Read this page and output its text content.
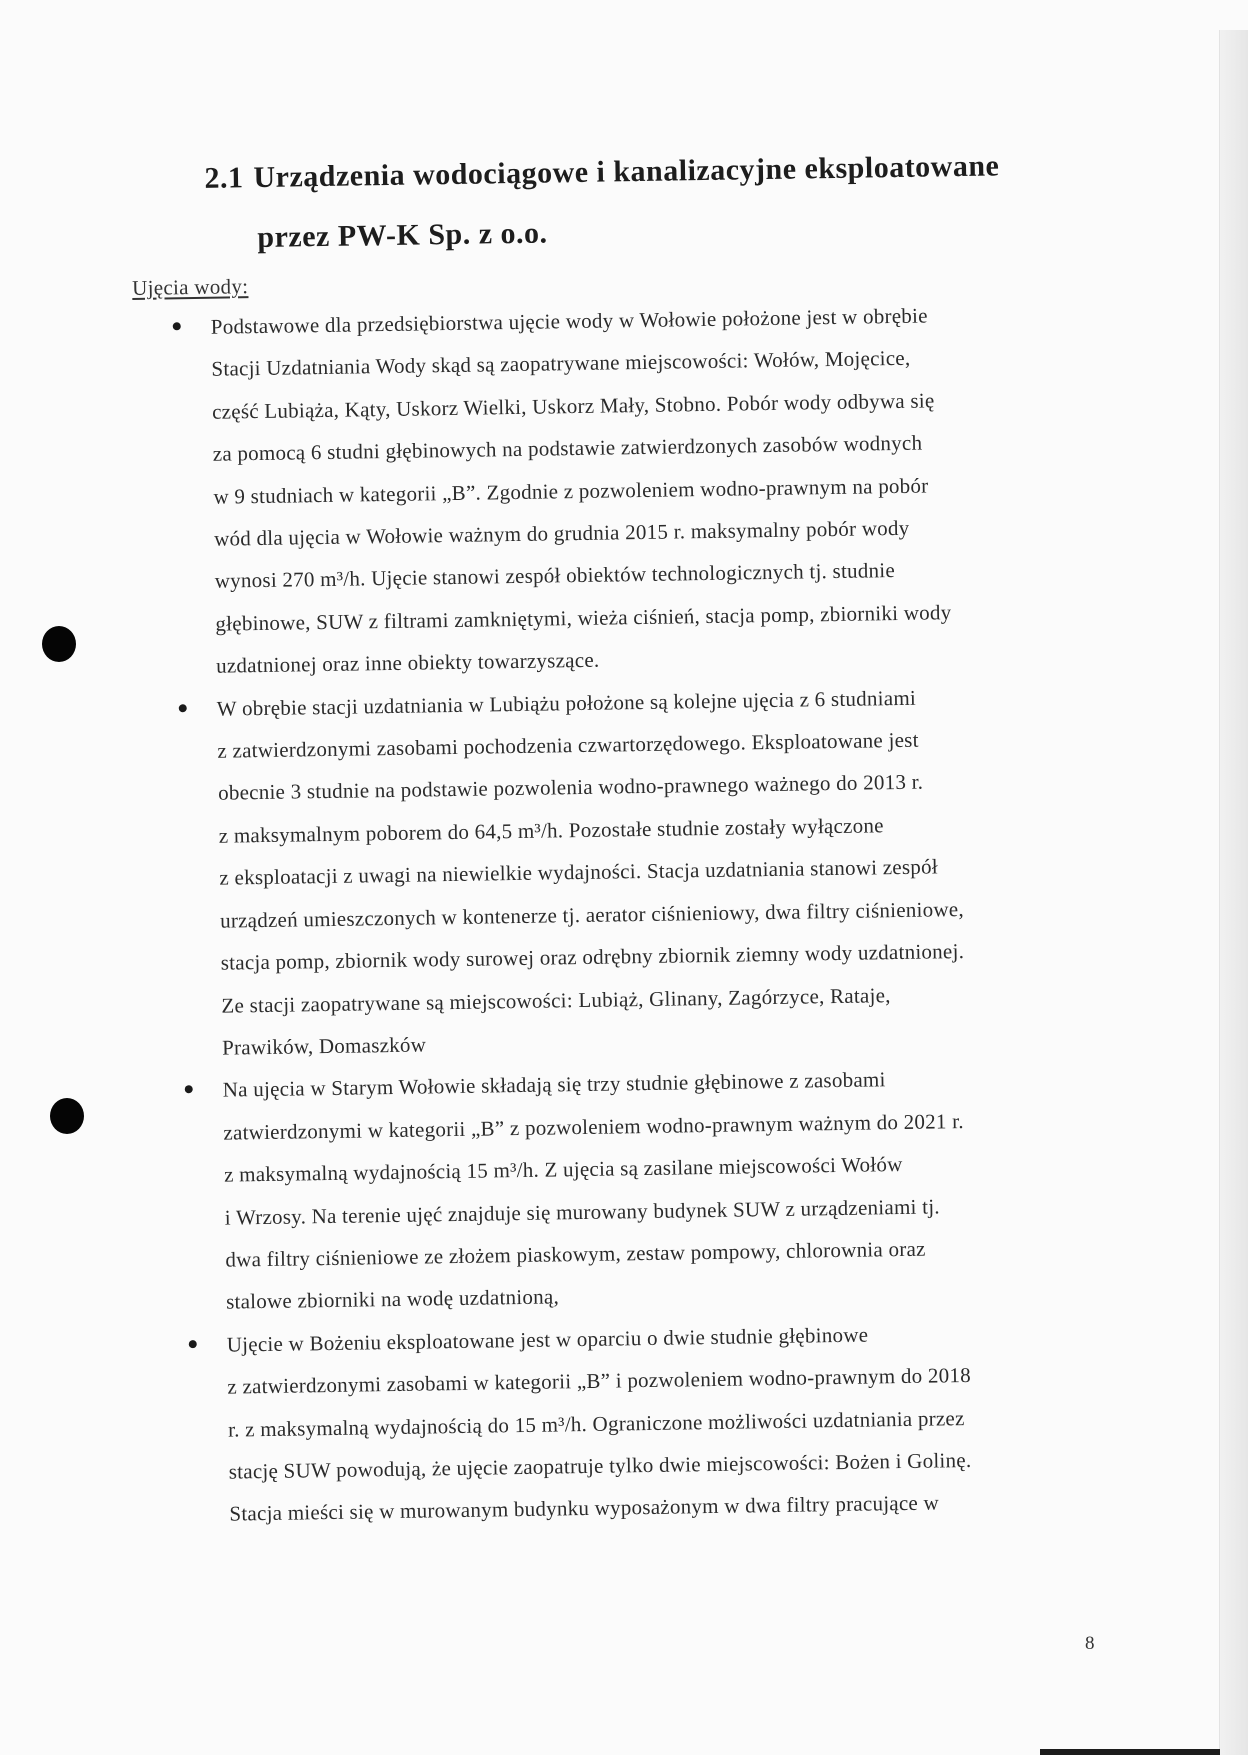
2.1 Urządzenia wodociągowe i kanalizacyjne eksploatowane
przez PW-K Sp. z o.o.
Ujęcia wody:
Podstawowe dla przedsiębiorstwa ujęcie wody w Wołowie położone jest w obrębie
Stacji Uzdatniania Wody skąd są zaopatrywane miejscowości: Wołów, Mojęcice,
część Lubiąża, Kąty, Uskorz Wielki, Uskorz Mały, Stobno. Pobór wody odbywa się
za pomocą 6 studni głębinowych na podstawie zatwierdzonych zasobów wodnych
w 9 studniach w kategorii „B”. Zgodnie z pozwoleniem wodno-prawnym na pobór
wód dla ujęcia w Wołowie ważnym do grudnia 2015 r. maksymalny pobór wody
wynosi 270 m³/h. Ujęcie stanowi zespół obiektów technologicznych tj. studnie
głębinowe, SUW z filtrami zamkniętymi, wieża ciśnień, stacja pomp, zbiorniki wody
uzdatnionej oraz inne obiekty towarzyszące.
W obrębie stacji uzdatniania w Lubiążu położone są kolejne ujęcia z 6 studniami
z zatwierdzonymi zasobami pochodzenia czwartorzędowego. Eksploatowane jest
obecnie 3 studnie na podstawie pozwolenia wodno-prawnego ważnego do 2013 r.
z maksymalnym poborem do 64,5 m³/h. Pozostałe studnie zostały wyłączone
z eksploatacji z uwagi na niewielkie wydajności. Stacja uzdatniania stanowi zespół
urządzeń umieszczonych w kontenerze tj. aerator ciśnieniowy, dwa filtry ciśnieniowe,
stacja pomp, zbiornik wody surowej oraz odrębny zbiornik ziemny wody uzdatnionej.
Ze stacji zaopatrywane są miejscowości: Lubiąż, Glinany, Zagórzyce, Rataje,
Prawików, Domaszków
Na ujęcia w Starym Wołowie składają się trzy studnie głębinowe z zasobami
zatwierdzonymi w kategorii „B” z pozwoleniem wodno-prawnym ważnym do 2021 r.
z maksymalną wydajnością 15 m³/h. Z ujęcia są zasilane miejscowości Wołów
i Wrzosy. Na terenie ujęć znajduje się murowany budynek SUW z urządzeniami tj.
dwa filtry ciśnieniowe ze złożem piaskowym, zestaw pompowy, chlorownia oraz
stalowe zbiorniki na wodę uzdatnioną,
Ujęcie w Bożeniu eksploatowane jest w oparciu o dwie studnie głębinowe
z zatwierdzonymi zasobami w kategorii „B” i pozwoleniem wodno-prawnym do 2018
r. z maksymalną wydajnością do 15 m³/h. Ograniczone możliwości uzdatniania przez
stację SUW powodują, że ujęcie zaopatruje tylko dwie miejscowości: Bożen i Golinę.
Stacja mieści się w murowanym budynku wyposażonym w dwa filtry pracujące w
8
